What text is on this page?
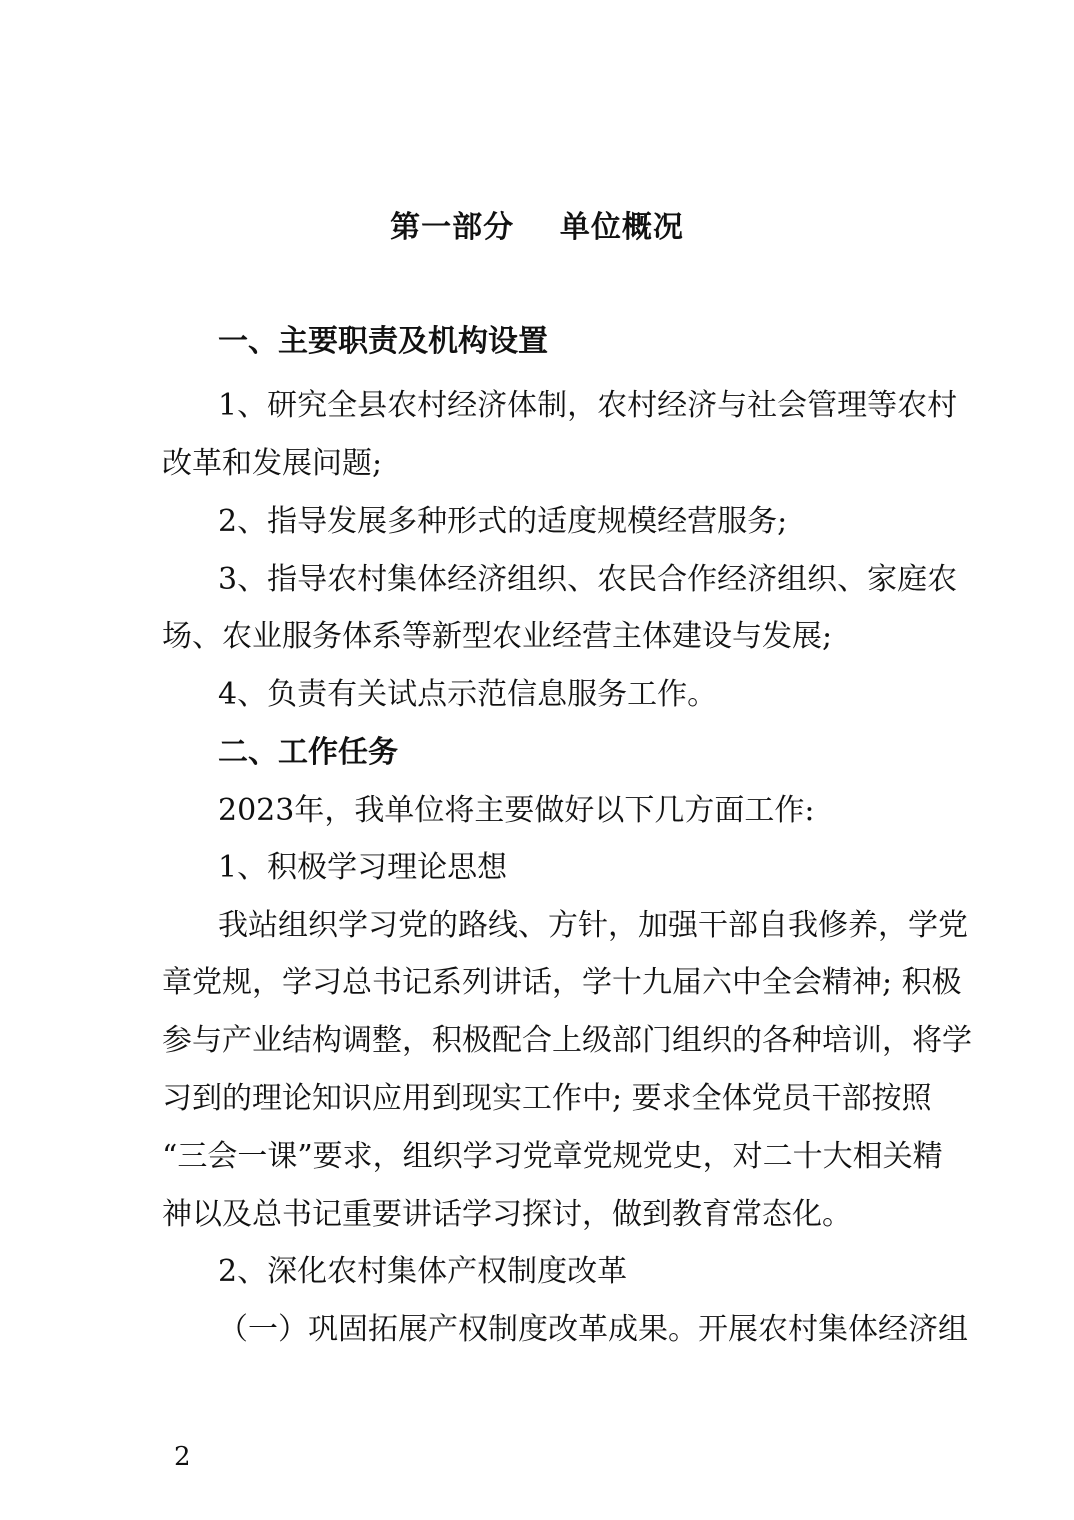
第一部分    单位概况
一、主要职责及机构设置
1、研究全县农村经济体制，农村经济与社会管理等农村
改革和发展问题;
2、指导发展多种形式的适度规模经营服务;
3、指导农村集体经济组织、农民合作经济组织、家庭农
场、农业服务体系等新型农业经营主体建设与发展;
4、负责有关试点示范信息服务工作。
二、工作任务
2023年，我单位将主要做好以下几方面工作:
1、积极学习理论思想
我站组织学习党的路线、方针，加强干部自我修养，学党
章党规，学习总书记系列讲话，学十九届六中全会精神; 积极
参与产业结构调整，积极配合上级部门组织的各种培训，将学
习到的理论知识应用到现实工作中; 要求全体党员干部按照
“三会一课”要求，组织学习党章党规党史，对二十大相关精
神以及总书记重要讲话学习探讨，做到教育常态化。
2、深化农村集体产权制度改革
（一）巩固拓展产权制度改革成果。开展农村集体经济组
2
